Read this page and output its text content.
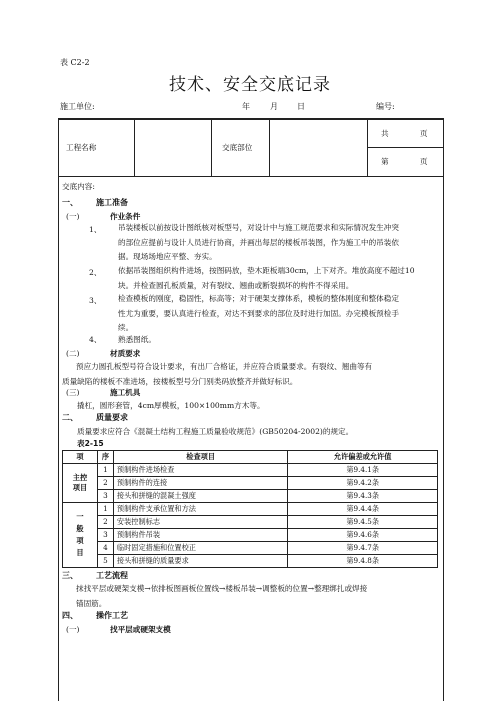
表 C2-2
技术、安全交底记录
施工单位:	年	月 日	编号:
工程名称	交底部位
共	页
第	页
交底内容:
一、 施工准备
(一)	作业条件
1、 吊装楼板以前按设计图纸核对板型号，对设计中与施工规范要求和实际情况发生冲突
的部位应提前与设计人员进行协商，并画出每层的楼板吊装图，作为施工中的吊装依
据。现场场地应平整、夯实。
2、 依据吊装图组织构件进场，按图码放，垫木距板端30cm，上下对齐。堆放高度不超过10
块。并检查圆孔板质量，对有裂纹、翘曲或断裂损坏的构件不得采用。
3、 检查模板的刚度，稳固性，标高等；对于硬架支撑体系，模板的整体刚度和整体稳定
性尤为重要，要认真进行检查，对达不到要求的部位及时进行加固。办完模板预检手
续。
4、 熟悉图纸。
(二)	材质要求
预应力圆孔板型号符合设计要求，有出厂合格证，并应符合质量要求。有裂纹、翘曲等有
质量缺陷的楼板不准进场，按楼板型号分门别类码放整齐并做好标识。
(三)	施工机具
撬杠，圆形套管，4cm厚模板，100×100mm方木等。
二、 质量要求
质量要求应符合《混凝土结构工程施工质量验收规范》(GB50204-2002)的规定。
表2-15
项	序	检查项目	允许偏差或允许值
主控
项目	1	预制构件进场检查	第9.4.1条
	2	预制构件的连接	第9.4.2条
	3	接头和拼缝的混凝土强度	第9.4.3条
一
般
项
目	1	预制构件支承位置和方法	第9.4.4条
	2	安装控制标志	第9.4.5条
	3	预制构件吊装	第9.4.6条
	4	临时固定措施和位置校正	第9.4.7条
	5	接头和拼缝的质量要求	第9.4.8条
三、 工艺流程
抹找平层或硬架支模→依排板图画板位置线→楼板吊装→调整板的位置→整理绑扎或焊接
锚固筋。
四、 操作工艺
(一)	找平层或硬架支模
